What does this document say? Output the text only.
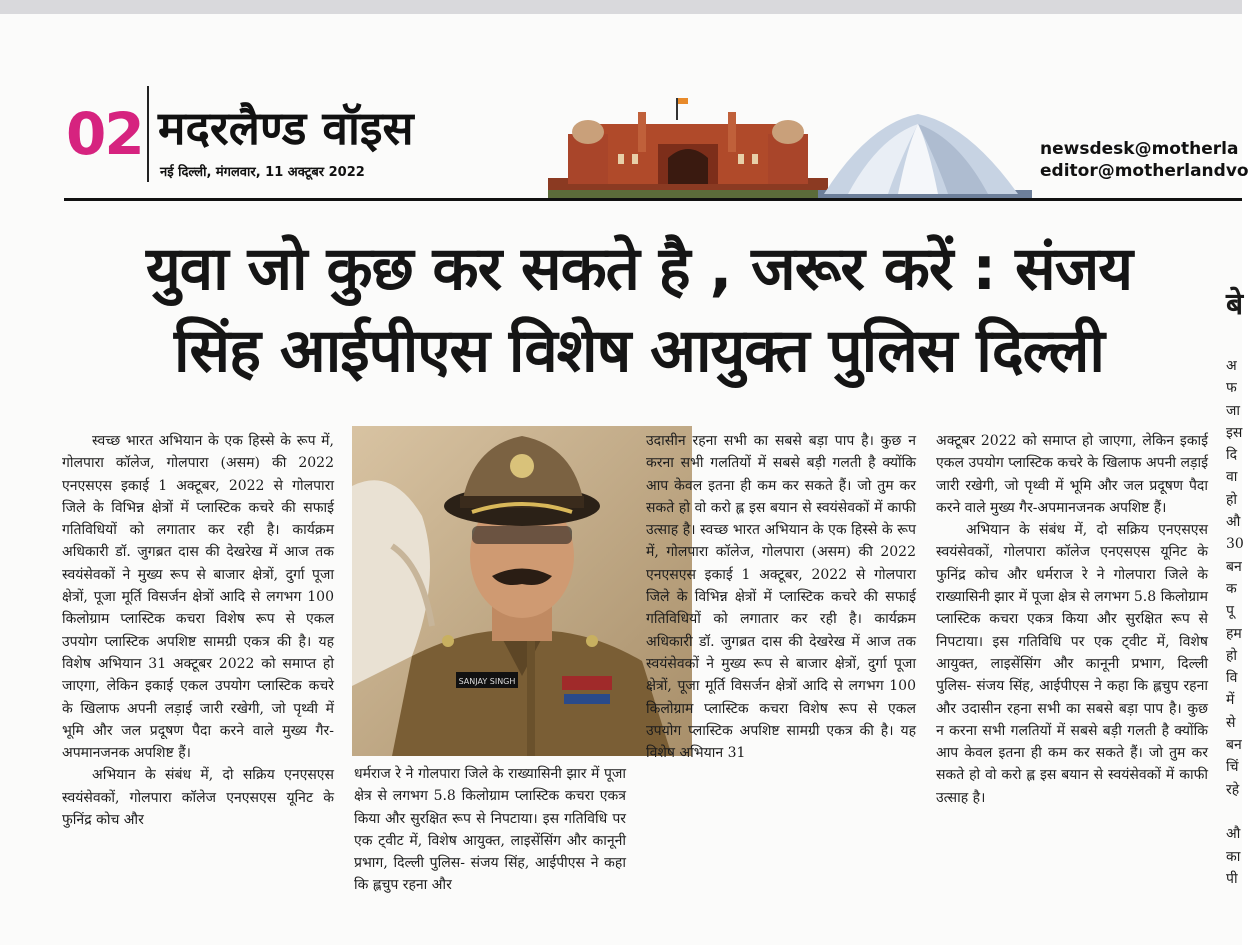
02 मदरलैण्ड वॉइस
नई दिल्ली, मंगलवार, 11 अक्टूबर 2022
newsdesk@motherla
editor@motherlandvo
युवा जो कुछ कर सकते है , जरूर करें : संजय
सिंह आईपीएस विशेष आयुक्त पुलिस दिल्ली

स्वच्छ भारत अभियान के एक हिस्से के रूप में, गोलपारा कॉलेज, गोलपारा (असम) की 2022 एनएसएस इकाई 1 अक्टूबर, 2022 से गोलपारा जिले के विभिन्न क्षेत्रों में प्लास्टिक कचरे की सफाई गतिविधियों को लगातार कर रही है। कार्यक्रम अधिकारी डॉ. जुगब्रत दास की देखरेख में आज तक स्वयंसेवकों ने मुख्य रूप से बाजार क्षेत्रों, दुर्गा पूजा क्षेत्रों, पूजा मूर्ति विसर्जन क्षेत्रों आदि से लगभग 100 किलोग्राम प्लास्टिक कचरा विशेष रूप से एकल उपयोग प्लास्टिक अपशिष्ट सामग्री एकत्र की है। यह विशेष अभियान 31 अक्टूबर 2022 को समाप्त हो जाएगा, लेकिन इकाई एकल उपयोग प्लास्टिक कचरे के खिलाफ अपनी लड़ाई जारी रखेगी, जो पृथ्वी में भूमि और जल प्रदूषण पैदा करने वाले मुख्य गैर-अपमानजनक अपशिष्ट हैं।

अभियान के संबंध में, दो सक्रिय एनएसएस स्वयंसेवकों, गोलपारा कॉलेज एनएसएस यूनिट के फुनिंद्र कोच और

SANJAY SINGH

धर्मराज रे ने गोलपारा जिले के राख्यासिनी झार में पूजा क्षेत्र से लगभग 5.8 किलोग्राम प्लास्टिक कचरा एकत्र किया और सुरक्षित रूप से निपटाया। इस गतिविधि पर एक ट्वीट में, विशेष आयुक्त, लाइसेंसिंग और कानूनी प्रभाग, दिल्ली पुलिस- संजय सिंह, आईपीएस ने कहा कि ह्लचुप रहना और

उदासीन रहना सभी का सबसे बड़ा पाप है। कुछ न करना सभी गलतियों में सबसे बड़ी गलती है क्योंकि आप केवल इतना ही कम कर सकते हैं। जो तुम कर सकते हो वो करो ह्ल इस बयान से स्वयंसेवकों में काफी उत्साह है। स्वच्छ भारत अभियान के एक हिस्से के रूप में, गोलपारा कॉलेज, गोलपारा (असम) की 2022 एनएसएस इकाई 1 अक्टूबर, 2022 से गोलपारा जिले के विभिन्न क्षेत्रों में प्लास्टिक कचरे की सफाई गतिविधियों को लगातार कर रही है। कार्यक्रम अधिकारी डॉ. जुगब्रत दास की देखरेख में आज तक स्वयंसेवकों ने मुख्य रूप से बाजार क्षेत्रों, दुर्गा पूजा क्षेत्रों, पूजा मूर्ति विसर्जन क्षेत्रों आदि से लगभग 100 किलोग्राम प्लास्टिक कचरा विशेष रूप से एकल उपयोग प्लास्टिक अपशिष्ट सामग्री एकत्र की है। यह विशेष अभियान 31

अक्टूबर 2022 को समाप्त हो जाएगा, लेकिन इकाई एकल उपयोग प्लास्टिक कचरे के खिलाफ अपनी लड़ाई जारी रखेगी, जो पृथ्वी में भूमि और जल प्रदूषण पैदा करने वाले मुख्य गैर-अपमानजनक अपशिष्ट हैं।

अभियान के संबंध में, दो सक्रिय एनएसएस स्वयंसेवकों, गोलपारा कॉलेज एनएसएस यूनिट के फुनिंद्र कोच और धर्मराज रे ने गोलपारा जिले के राख्यासिनी झार में पूजा क्षेत्र से लगभग 5.8 किलोग्राम प्लास्टिक कचरा एकत्र किया और सुरक्षित रूप से निपटाया। इस गतिविधि पर एक ट्वीट में, विशेष आयुक्त, लाइसेंसिंग और कानूनी प्रभाग, दिल्ली पुलिस- संजय सिंह, आईपीएस ने कहा कि ह्लचुप रहना और उदासीन रहना सभी का सबसे बड़ा पाप है। कुछ न करना सभी गलतियों में सबसे बड़ी गलती है क्योंकि आप केवल इतना ही कम कर सकते हैं। जो तुम कर सकते हो वो करो ह्ल इस बयान से स्वयंसेवकों में काफी उत्साह है।

बे
अ
फ
जा
इस
दि
वा
हो
औ
30
बन
क
पू
हम
हो
वि
में
से
बन
चिं
रहे

औ
का
पी
